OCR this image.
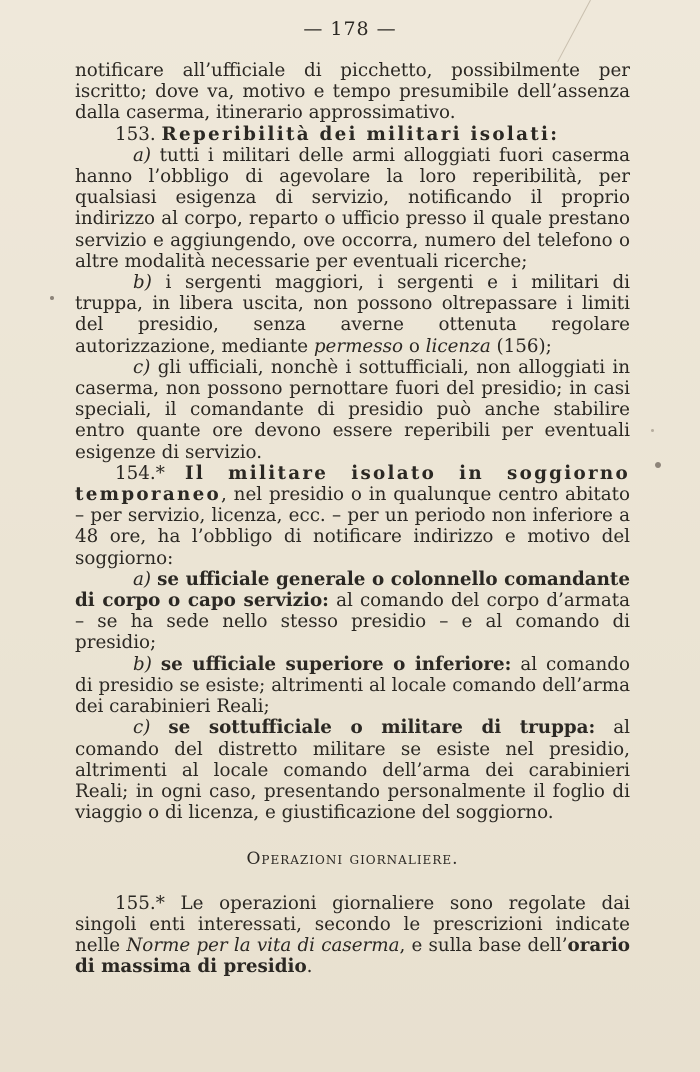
— 178 —

notificare all’ufficiale di picchetto, possibilmente per iscritto; dove va, motivo e tempo presumibile dell’assenza dalla caserma, itinerario approssimativo.

153. Reperibilità dei militari isolati:

a) tutti i militari delle armi alloggiati fuori caserma hanno l’obbligo di agevolare la loro reperibilità, per qualsiasi esigenza di servizio, notificando il proprio indirizzo al corpo, reparto o ufficio presso il quale prestano servizio e aggiungendo, ove occorra, numero del telefono o altre modalità necessarie per eventuali ricerche;

b) i sergenti maggiori, i sergenti e i militari di truppa, in libera uscita, non possono oltrepassare i limiti del presidio, senza averne ottenuta regolare autorizzazione, mediante permesso o licenza (156);

c) gli ufficiali, nonchè i sottufficiali, non alloggiati in caserma, non possono pernottare fuori del presidio; in casi speciali, il comandante di presidio può anche stabilire entro quante ore devono essere reperibili per eventuali esigenze di servizio.

154.* Il militare isolato in soggiorno temporaneo, nel presidio o in qualunque centro abitato – per servizio, licenza, ecc. – per un periodo non inferiore a 48 ore, ha l’obbligo di notificare indirizzo e motivo del soggiorno:

a) se ufficiale generale o colonnello comandante di corpo o capo servizio: al comando del corpo d’armata – se ha sede nello stesso presidio – e al comando di presidio;

b) se ufficiale superiore o inferiore: al comando di presidio se esiste; altrimenti al locale comando dell’arma dei carabinieri Reali;

c) se sottufficiale o militare di truppa: al comando del distretto militare se esiste nel presidio, altrimenti al locale comando dell’arma dei carabinieri Reali; in ogni caso, presentando personalmente il foglio di viaggio o di licenza, e giustificazione del soggiorno.

Operazioni giornaliere.

155.* Le operazioni giornaliere sono regolate dai singoli enti interessati, secondo le prescrizioni indicate nelle Norme per la vita di caserma, e sulla base dell’orario di massima di presidio.
